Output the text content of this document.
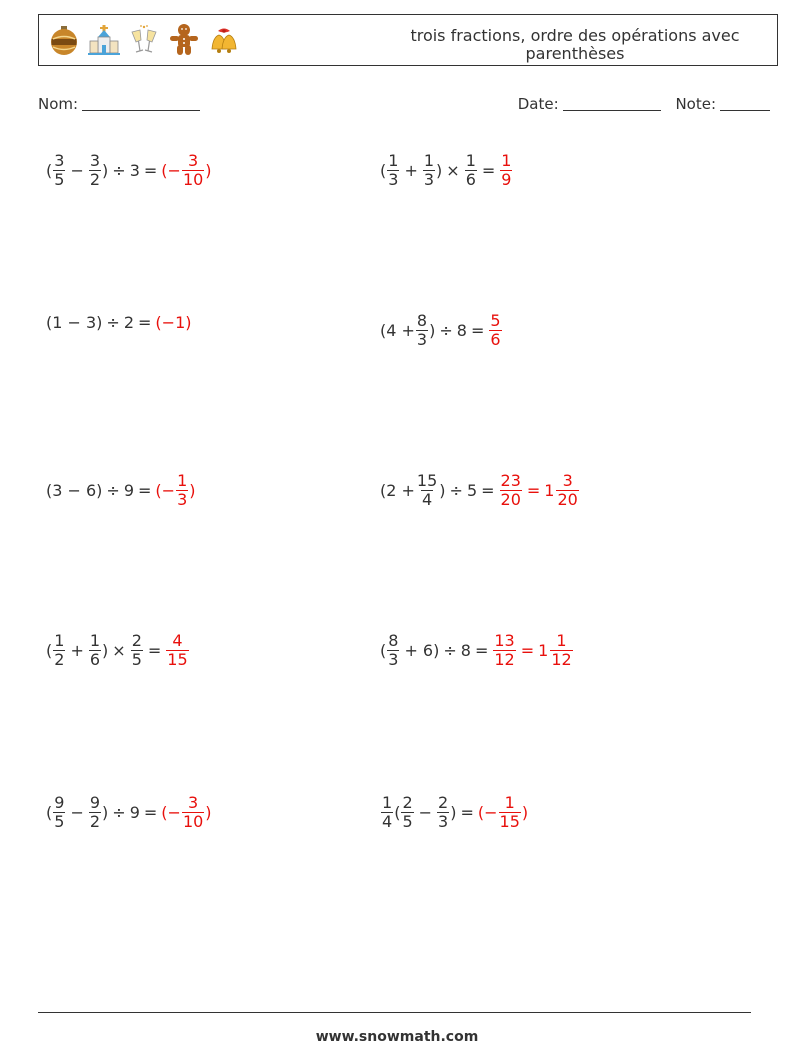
trois fractions, ordre des opérations avec parenthèses
Nom:	Date:	Note:
( $\frac{3}{5} - \frac{3}{2}$ ) ÷ 3 = (− $\frac{3}{10}$ )	( $\frac{1}{3} + \frac{1}{3}$ ) × $\frac{1}{6} = \frac{1}{9}$
(1 − 3) ÷ 2 = (−1)	($4 + \frac{8}{3}$ ) ÷ $8 = \frac{5}{6}$
(3 − 6) ÷ 9 = (− $\frac{1}{3}$ )	($2 + \frac{15}{4}$ ) ÷ $5 = \frac{23}{20} = 1 \frac{3}{20}$
( $\frac{1}{2} + \frac{1}{6}$ ) × $\frac{2}{5} = \frac{4}{15}$	( $\frac{8}{3} + 6) \div 8 = \frac{13}{12} = 1 \frac{1}{12}$
( $\frac{9}{5} - \frac{9}{2}$ ) ÷ 9 = (− $\frac{3}{10}$ )	$\frac{1}{4}$ ( $\frac{2}{5} - \frac{2}{3}$ ) = (− $\frac{1}{15}$ )
www.snowmath.com
